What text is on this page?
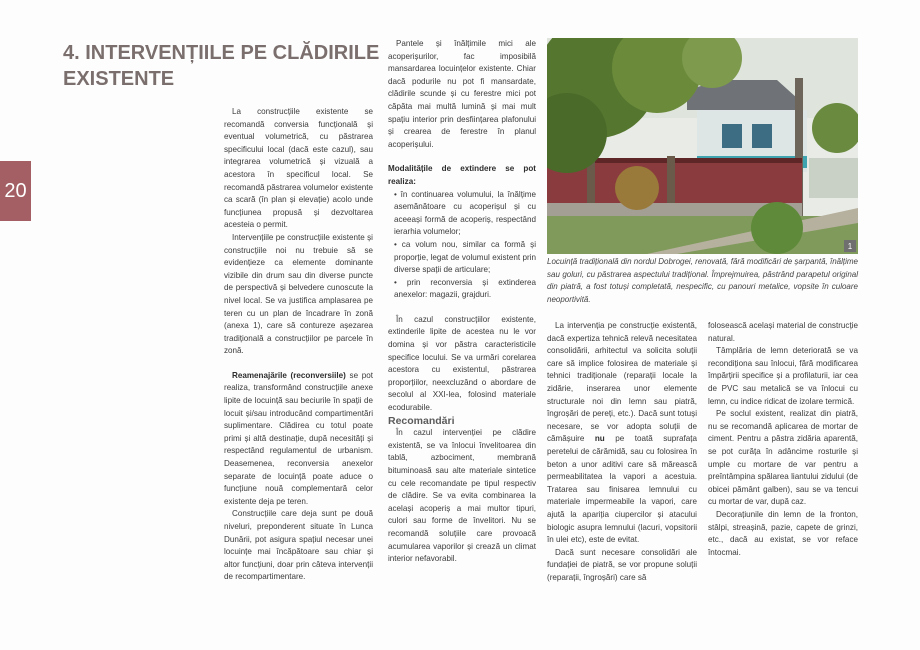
20
4. INTERVENȚIILE PE CLĂDIRILE EXISTENTE

La construcțiile existente se recomandă conversia funcțională și eventual volumetrică, cu păstrarea specificului local (dacă este cazul), sau integrarea volumetrică și vizuală a acestora în specificul local. Se recomandă păstrarea volumelor existente ca scară (în plan și elevație) acolo unde funcțiunea propusă și dezvoltarea acesteia o permit.

Intervențiile pe construcțiile existente și construcțiile noi nu trebuie să se evidențieze ca elemente dominante vizibile din drum sau din diverse puncte de perspectivă și belvedere cunoscute la nivel local. Se va justifica amplasarea pe teren cu un plan de încadrare în zonă (anexa 1), care să contureze așezarea tradițională a construcțiilor pe parcele în zonă.

Reamenajările (reconversiile) se pot realiza, transformând construcțiile anexe lipite de locuință sau beciurile în spații de locuit și/sau introducând compartimentări suplimentare. Clădirea cu totul poate primi și altă destinație, după necesități și respectând regulamentul de urbanism. Deasemenea, reconversia anexelor separate de locuință poate aduce o funcțiune nouă complementară celor existente deja pe teren.

Construcțiile care deja sunt pe două niveluri, preponderent situate în Lunca Dunării, pot asigura spațiul necesar unei locuințe mai încăpătoare sau chiar și altor funcțiuni, doar prin câteva intervenții de recompartimentare.

Pantele și înălțimile mici ale acoperișurilor, fac imposibilă mansardarea locuințelor existente. Chiar dacă podurile nu pot fi mansardate, clădirile scunde și cu ferestre mici pot căpăta mai multă lumină și mai mult spațiu interior prin desființarea plafonului și crearea de ferestre în planul acoperișului.

Modalitățile de extindere se pot realiza:

• în continuarea volumului, la înălțime asemănătoare cu acoperișul și cu aceeași formă de acoperiș, respectând ierarhia volumelor;

• ca volum nou, similar ca formă și proporție, legat de volumul existent prin diverse spații de articulare;

• prin reconversia și extinderea anexelor: magazii, grajduri.

În cazul construcțiilor existente, extinderile lipite de acestea nu le vor domina și vor păstra caracteristicile specifice locului. Se va urmări corelarea acestora cu existentul, păstrarea proporțiilor, neexcluzând o abordare de secolul al XXI-lea, folosind materiale ecodurabile.

Recomandări

În cazul intervenției pe clădire existentă, se va înlocui învelitoarea din tablă, azbociment, membrană bituminoasă sau alte materiale sintetice cu cele recomandate pe tipul respectiv de clădire. Se va evita combinarea la același acoperiș a mai multor tipuri, culori sau forme de învelitori. Nu se recomandă soluțiile care provoacă acumularea vaporilor și crează un climat interior nefavorabil.

1
Locuință tradițională din nordul Dobrogei, renovată, fără modificări de șarpantă, înălțime sau goluri, cu păstrarea aspectului tradițional. Împrejmuirea, păstrând parapetul original din piatră, a fost totuși completată, nespecific, cu panouri metalice, vopsite în culoare neoportivită.

La intervenția pe construcție existentă, dacă expertiza tehnică relevă necesitatea consolidării, arhitectul va solicita soluții care să implice folosirea de materiale și tehnici tradiționale (reparații locale la zidărie, inserarea unor elemente structurale noi din lemn sau piatră, îngroșări de pereți, etc.). Dacă sunt totuși necesare, se vor adopta soluții de cămășuire nu pe toată suprafața peretelui de cărămidă, sau cu folosirea în beton a unor aditivi care să mărească permeabilitatea la vapori a acestuia. Tratarea sau finisarea lemnului cu materiale impermeabile la vapori, care ajută la apariția ciupercilor și atacului biologic asupra lemnului (lacuri, vopsitorii în ulei etc), este de evitat.

Dacă sunt necesare consolidări ale fundației de piatră, se vor propune soluții (reparații, îngroșări) care să

folosească același material de construcție natural.

Tâmplăria de lemn deteriorată se va recondiționa sau înlocui, fără modificarea împărțirii specifice și a profilaturii, iar cea de PVC sau metalică se va înlocui cu lemn, cu indice ridicat de izolare termică.

Pe soclul existent, realizat din piatră, nu se recomandă aplicarea de mortar de ciment. Pentru a păstra zidăria aparentă, se pot curăța în adâncime rosturile și umple cu mortare de var pentru a preîntâmpina spălarea liantului zidului (de obicei pământ galben), sau se va tencui cu mortar de var, după caz.

Decorațiunile din lemn de la fronton, stâlpi, streașină, pazie, capete de grinzi, etc., dacă au existat, se vor reface întocmai.
